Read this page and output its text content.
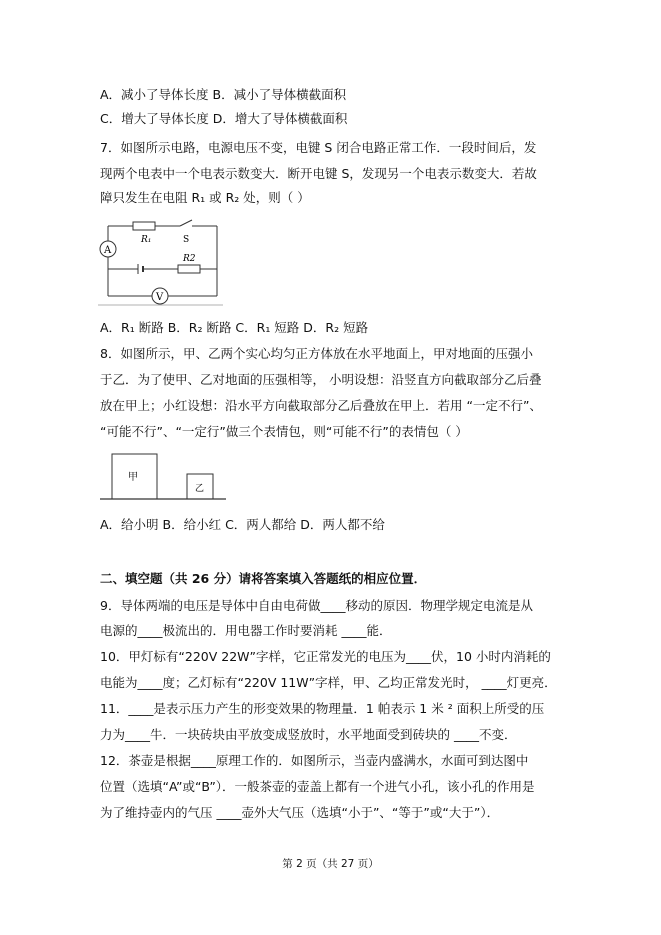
A．减小了导体长度 B．减小了导体横截面积
C．增大了导体长度 D．增大了导体横截面积
7．如图所示电路，电源电压不变，电键 S 闭合电路正常工作．一段时间后，发
现两个电表中一个电表示数变大．断开电键 S，发现另一个电表示数变大．若故
障只发生在电阻 R₁ 或 R₂ 处，则（ ）
R₁	S
A
R2
V
A．R₁ 断路 B．R₂ 断路 C．R₁ 短路 D．R₂ 短路
8．如图所示，甲、乙两个实心均匀正方体放在水平地面上，甲对地面的压强小
于乙．为了使甲、乙对地面的压强相等， 小明设想：沿竖直方向截取部分乙后叠
放在甲上；小红设想：沿水平方向截取部分乙后叠放在甲上．若用 “一定不行”、
“可能不行”、“一定行”做三个表情包，则“可能不行”的表情包（ ）
甲
乙
A．给小明 B．给小红 C．两人都给 D．两人都不给
二、填空题（共 26 分）请将答案填入答题纸的相应位置．
9．导体两端的电压是导体中自由电荷做____移动的原因．物理学规定电流是从
电源的____极流出的．用电器工作时要消耗 ____能．
10．甲灯标有“220V 22W”字样，它正常发光的电压为____伏，10 小时内消耗的
电能为____度；乙灯标有“220V 11W”字样，甲、乙均正常发光时， ____灯更亮．
11．____是表示压力产生的形变效果的物理量．1 帕表示 1 米 ² 面积上所受的压
力为____牛．一块砖块由平放变成竖放时，水平地面受到砖块的 ____不变．
12．茶壶是根据____原理工作的．如图所示，当壶内盛满水，水面可到达图中
位置（选填“A”或“B”）．一般茶壶的壶盖上都有一个进气小孔，该小孔的作用是
为了维持壶内的气压 ____壶外大气压（选填“小于”、“等于”或“大于”）．
第 2 页（共 27 页）
